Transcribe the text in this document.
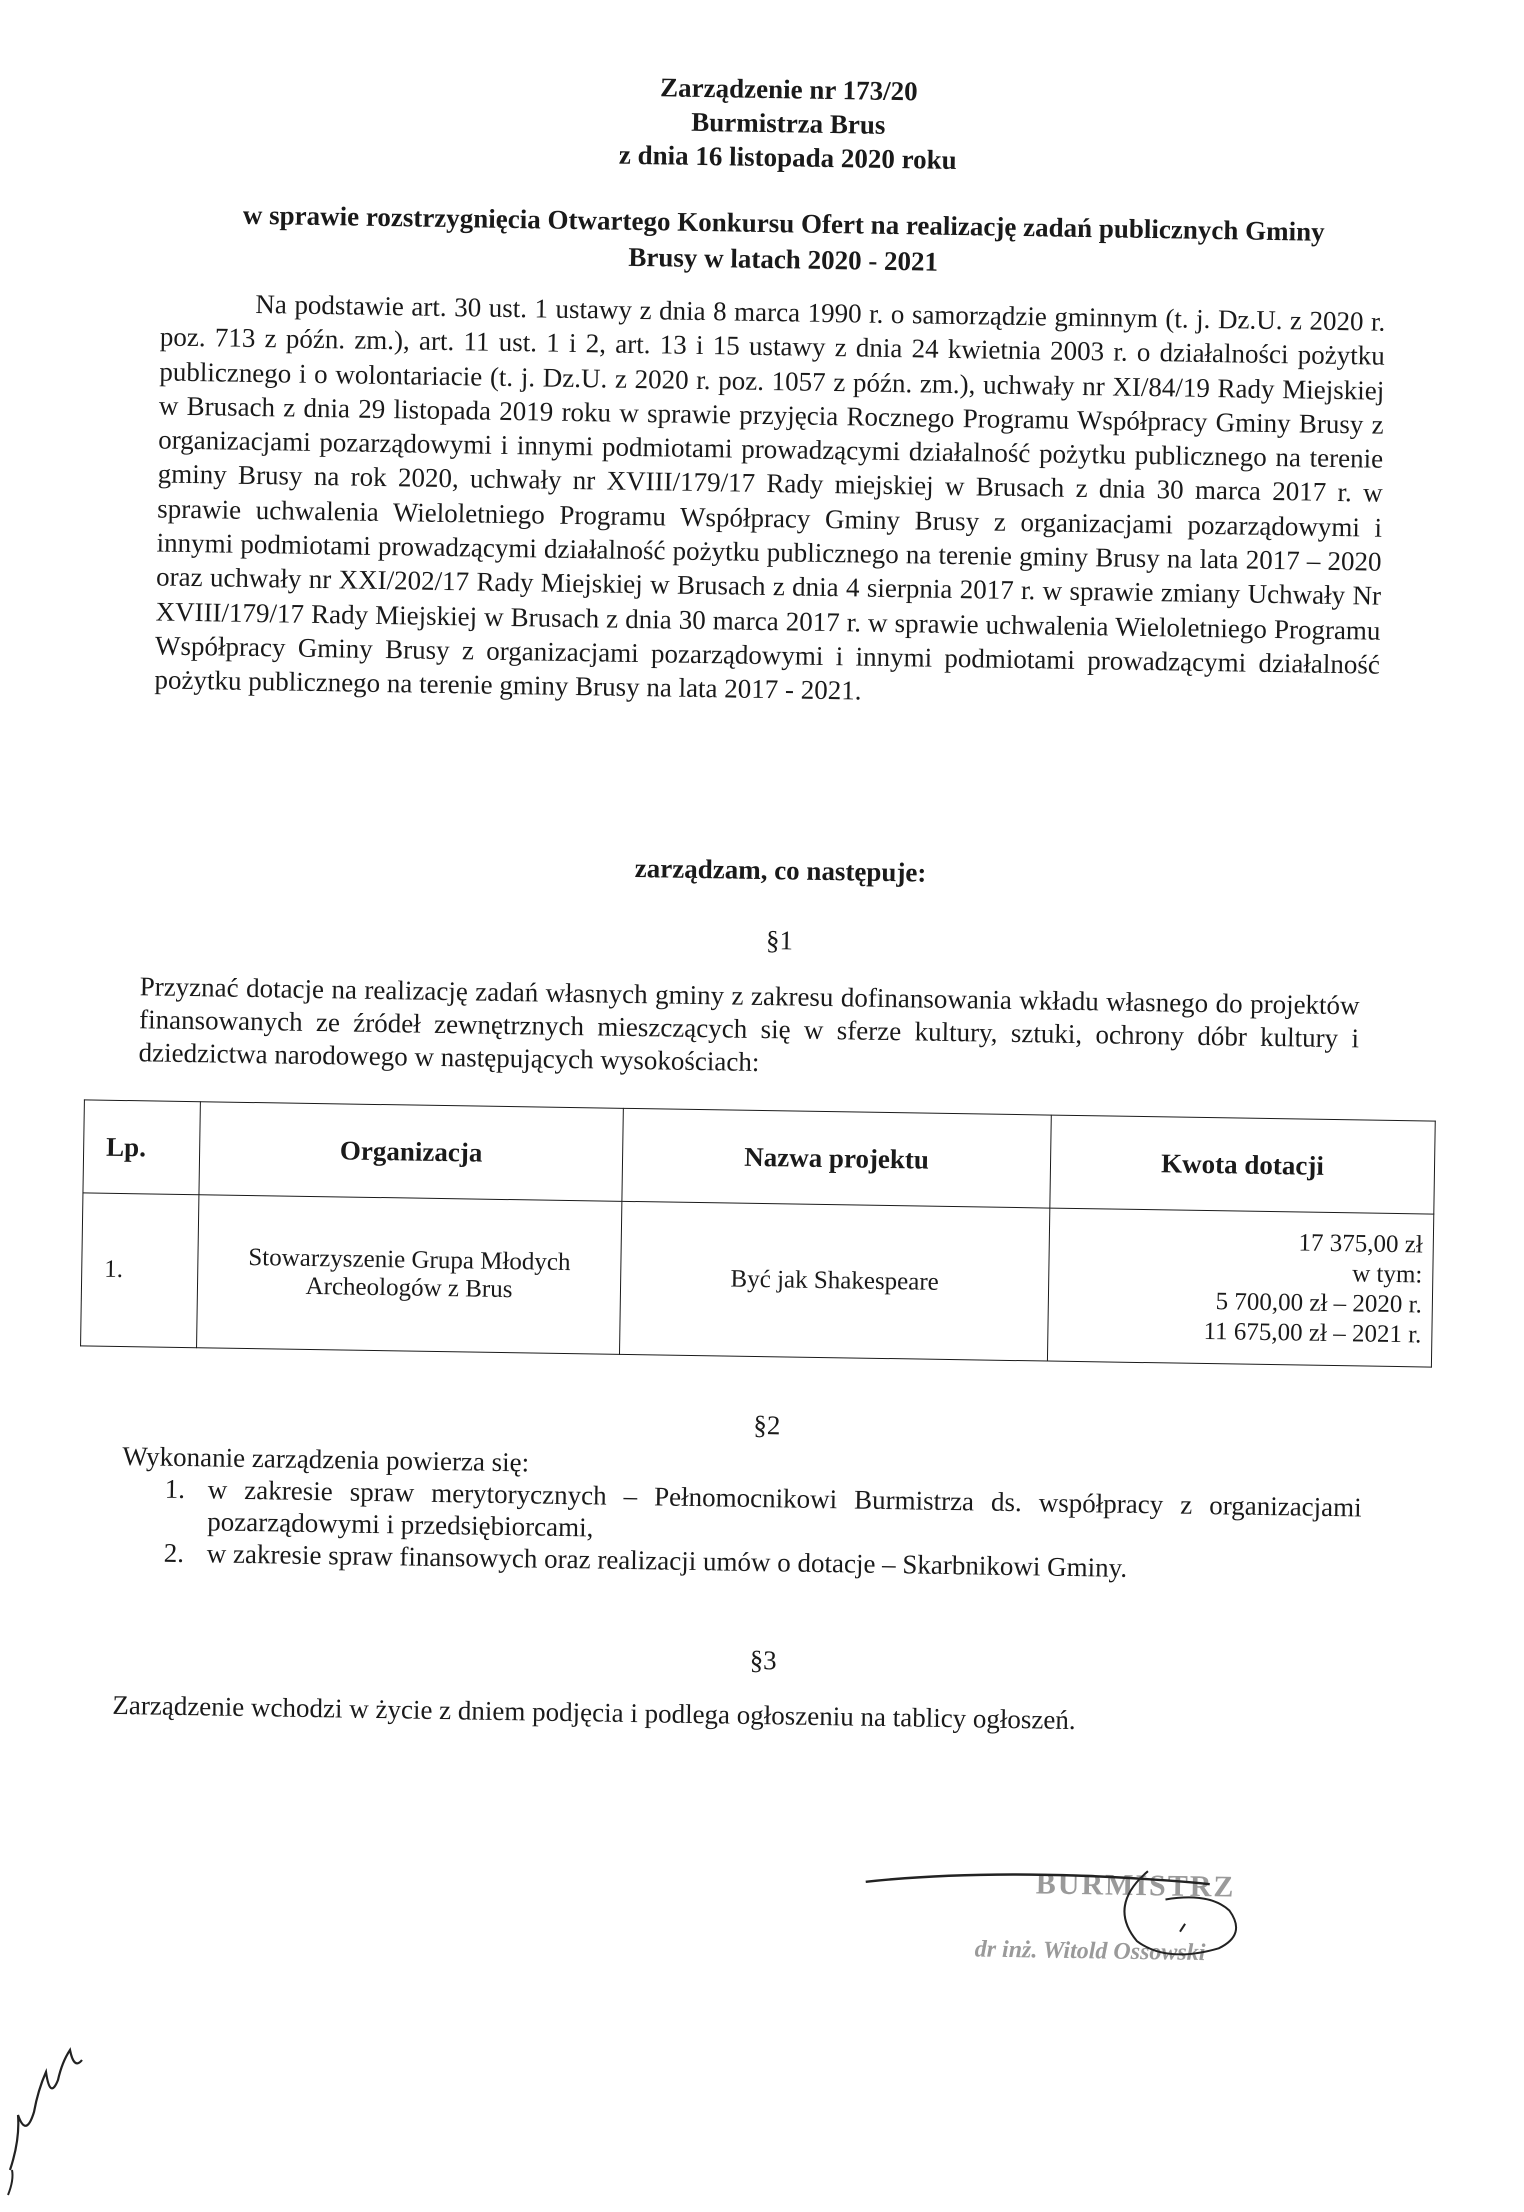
Zarządzenie nr 173/20
Burmistrza Brus
z dnia 16 listopada 2020 roku
w sprawie rozstrzygnięcia Otwartego Konkursu Ofert na realizację zadań publicznych Gminy Brusy w latach 2020 - 2021
Na podstawie art. 30 ust. 1 ustawy z dnia 8 marca 1990 r. o samorządzie gminnym (t. j. Dz.U. z 2020 r. poz. 713 z późn. zm.), art. 11 ust. 1 i 2, art. 13 i 15 ustawy z dnia 24 kwietnia 2003 r. o działalności pożytku publicznego i o wolontariacie (t. j. Dz.U. z 2020 r. poz. 1057 z późn. zm.), uchwały nr XI/84/19 Rady Miejskiej w Brusach z dnia 29 listopada 2019 roku w sprawie przyjęcia Rocznego Programu Współpracy Gminy Brusy z organizacjami pozarządowymi i innymi podmiotami prowadzącymi działalność pożytku publicznego na terenie gminy Brusy na rok 2020, uchwały nr XVIII/179/17 Rady miejskiej w Brusach z dnia 30 marca 2017 r. w sprawie uchwalenia Wieloletniego Programu Współpracy Gminy Brusy z organizacjami pozarządowymi i innymi podmiotami prowadzącymi działalność pożytku publicznego na terenie gminy Brusy na lata 2017 – 2020 oraz uchwały nr XXI/202/17 Rady Miejskiej w Brusach z dnia 4 sierpnia 2017 r. w sprawie zmiany Uchwały Nr XVIII/179/17 Rady Miejskiej w Brusach z dnia 30 marca 2017 r. w sprawie uchwalenia Wieloletniego Programu Współpracy Gminy Brusy z organizacjami pozarządowymi i innymi podmiotami prowadzącymi działalność pożytku publicznego na terenie gminy Brusy na lata 2017 - 2021.
zarządzam, co następuje:
§1
Przyznać dotacje na realizację zadań własnych gminy z zakresu dofinansowania wkładu własnego do projektów finansowanych ze źródeł zewnętrznych mieszczących się w sferze kultury, sztuki, ochrony dóbr kultury i dziedzictwa narodowego w następujących wysokościach:
Lp.	Organizacja	Nazwa projektu	Kwota dotacji
1.	Stowarzyszenie Grupa Młodych
Archeologów z Brus	Być jak Shakespeare	
17 375,00 zł
w tym:
5 700,00 zł – 2020 r.
11 675,00 zł – 2021 r.
§2
Wykonanie zarządzenia powierza się:
1. w zakresie spraw merytorycznych – Pełnomocnikowi Burmistrza ds. współpracy z organizacjami pozarządowymi i przedsiębiorcami,
2. w zakresie spraw finansowych oraz realizacji umów o dotacje – Skarbnikowi Gminy.
§3
Zarządzenie wchodzi w życie z dniem podjęcia i podlega ogłoszeniu na tablicy ogłoszeń.
BURMISTRZ
dr inż. Witold Ossowski
